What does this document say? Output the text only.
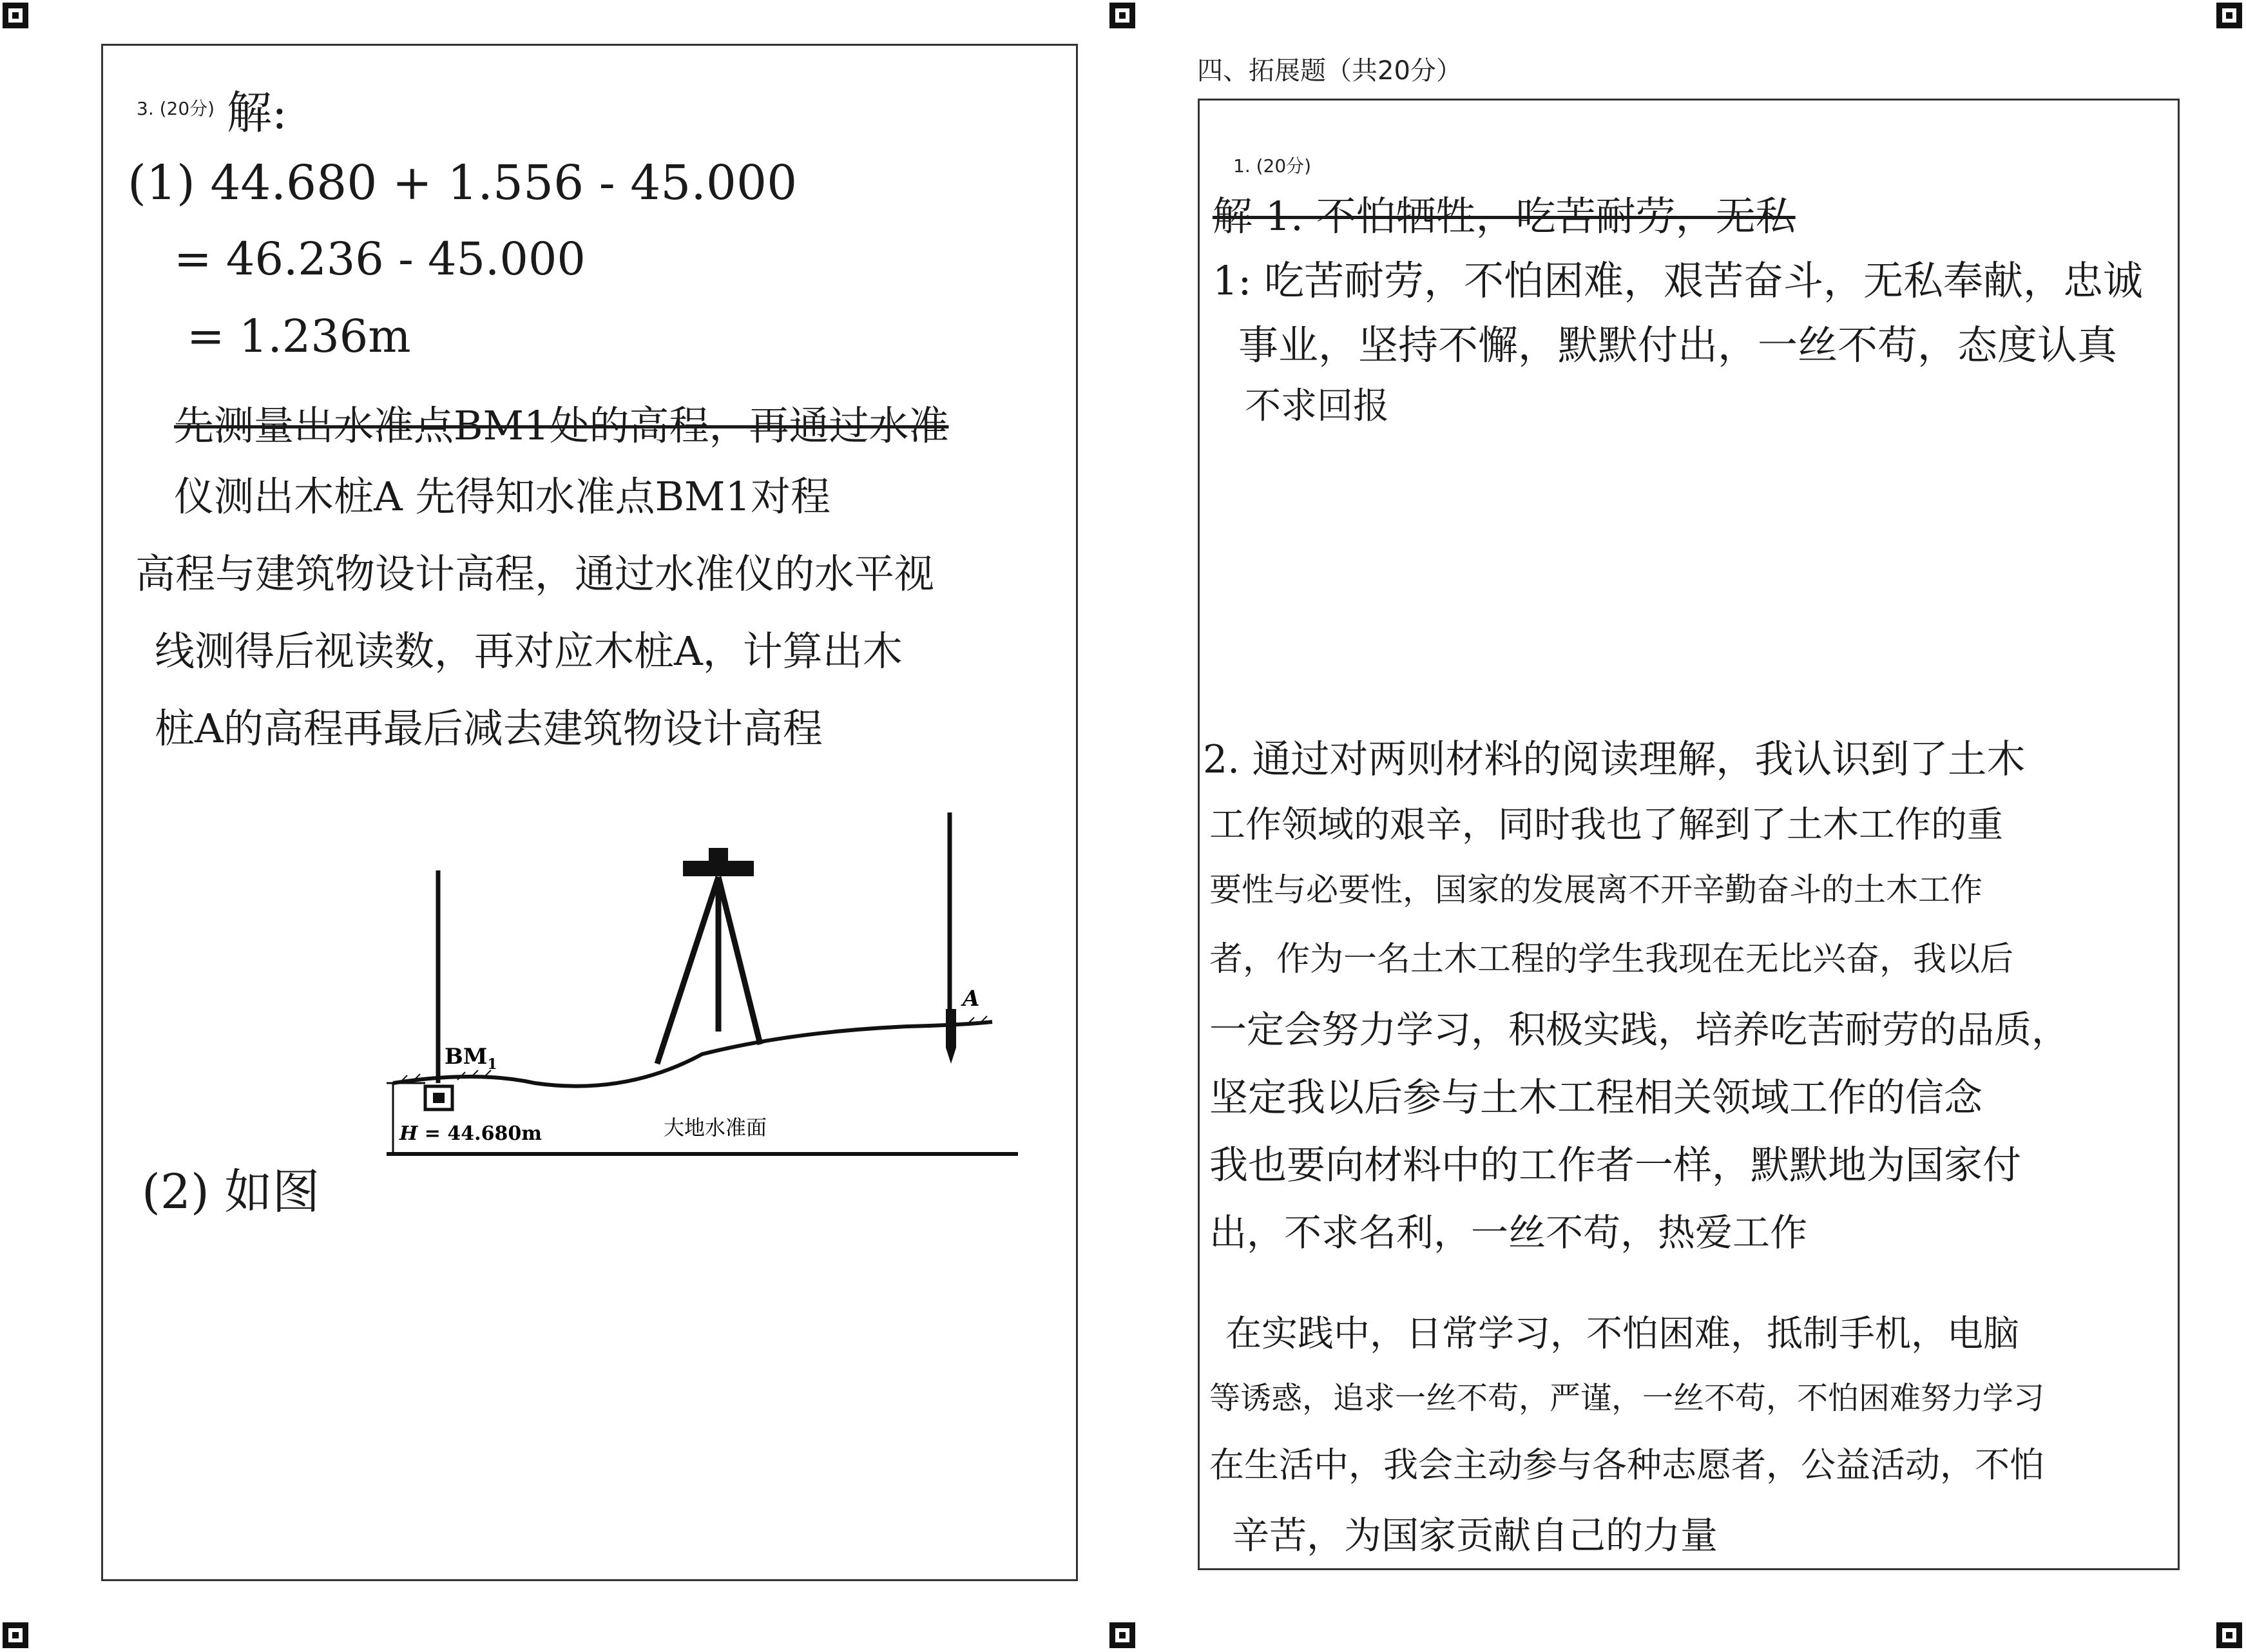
四、拓展题（共20分）
3. (20分) 解:
(1) 44.680 + 1.556 - 45.000
= 46.236 - 45.000
= 1.236m
先测量出水准点BM1处的高程，再通过水准
仪测出木桩A 先得知水准点BM1对程
高程与建筑物设计高程，通过水准仪的水平视
线测得后视读数，再对应木桩A，计算出木
桩A的高程再最后减去建筑物设计高程
(2) 如图
$BM_1$
A
H = 44.680m	大地水准面
1. (20分)
解 1. 不怕牺牲，吃苦耐劳，无私
1: 吃苦耐劳，不怕困难，艰苦奋斗，无私奉献，忠诚
事业，坚持不懈，默默付出，一丝不苟，态度认真
不求回报
2. 通过对两则材料的阅读理解，我认识到了土木
工作领域的艰辛，同时我也了解到了土木工作的重
要性与必要性，国家的发展离不开辛勤奋斗的土木工作
者，作为一名土木工程的学生我现在无比兴奋，我以后
一定会努力学习，积极实践，培养吃苦耐劳的品质，
坚定我以后参与土木工程相关领域工作的信念
我也要向材料中的工作者一样，默默地为国家付
出，不求名利，一丝不苟，热爱工作
在实践中，日常学习，不怕困难，抵制手机，电脑
等诱惑，追求一丝不苟，严谨，一丝不苟，不怕困难努力学习
在生活中，我会主动参与各种志愿者，公益活动，不怕
辛苦，为国家贡献自己的力量
